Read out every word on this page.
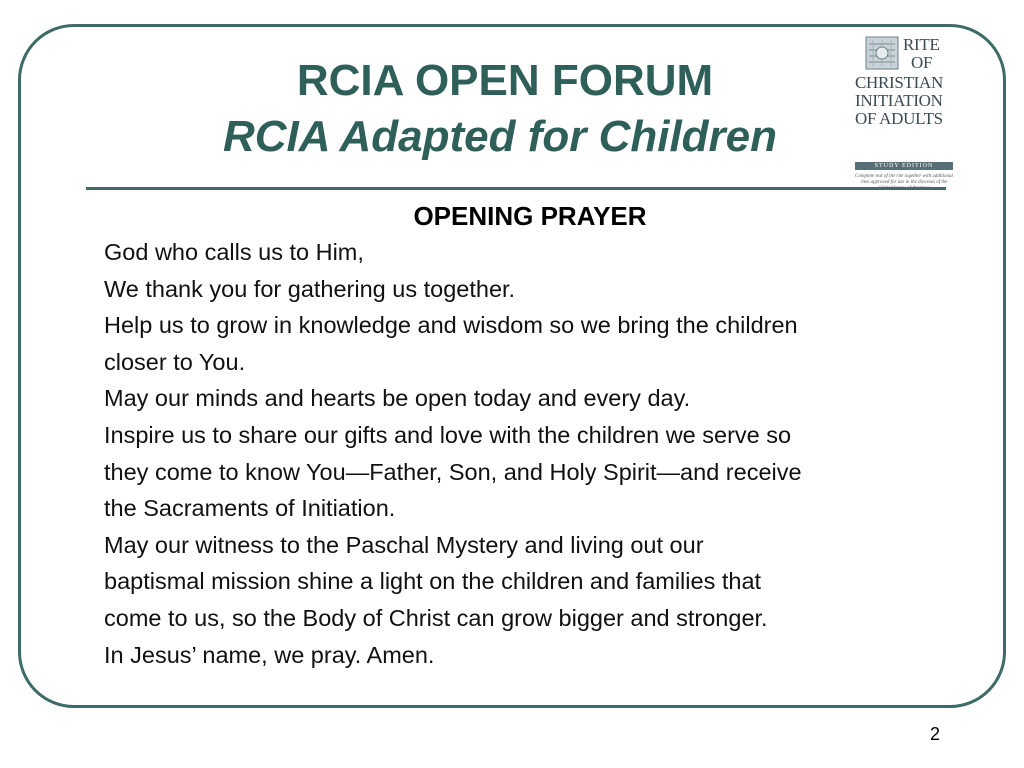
RCIA OPEN FORUM
RCIA Adapted for Children
RITE
OF
CHRISTIAN
INITIATION
OF ADULTS
STUDY EDITION
Complete text of the rite together with additional rites approved for use in the dioceses of the
OPENING PRAYER
God who calls us to Him,
We thank you for gathering us together.
Help us to grow in knowledge and wisdom so we bring the children
closer to You.
May our minds and hearts be open today and every day.
Inspire us to share our gifts and love with the children we serve so
they come to know You—Father, Son, and Holy Spirit—and receive
the Sacraments of Initiation.
May our witness to the Paschal Mystery and living out our
baptismal mission shine a light on the children and families that
come to us, so the Body of Christ can grow bigger and stronger.
In Jesus’ name, we pray. Amen.
2
